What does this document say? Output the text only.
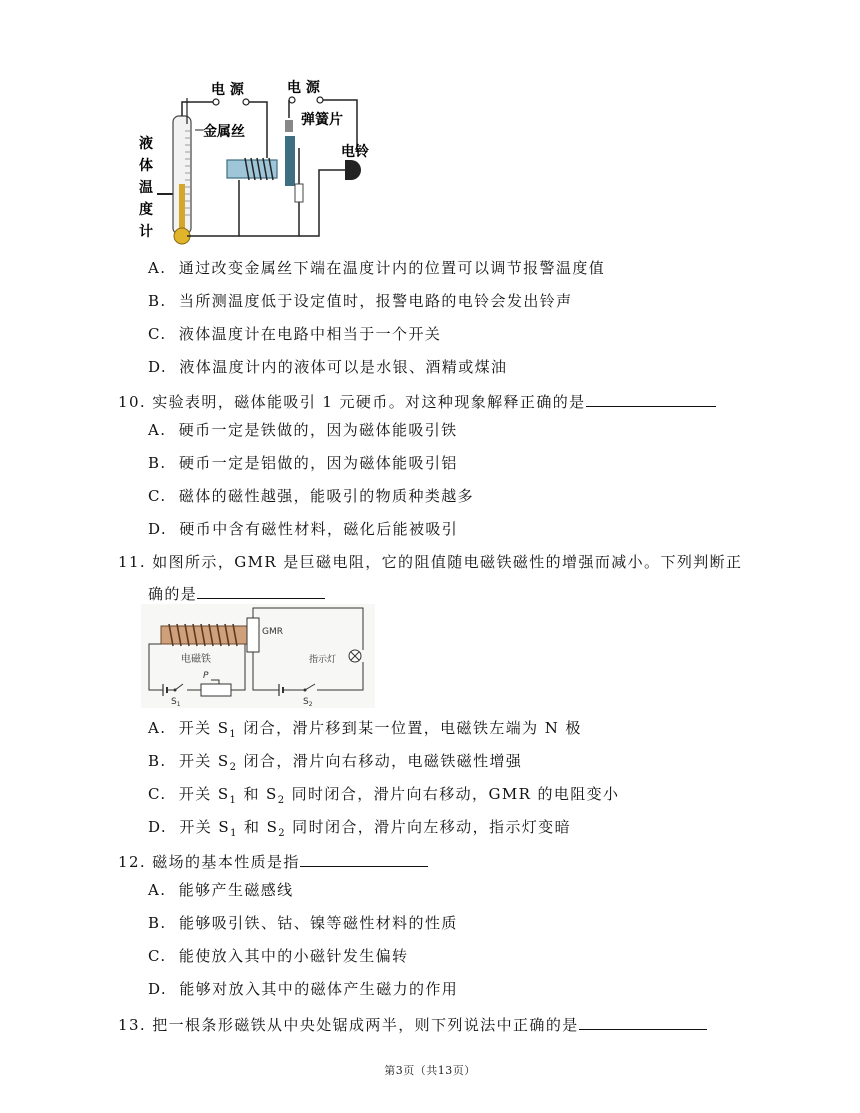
液
体
温
度
计
电 源
金属丝
电 源
弹簧片
电铃
A. 通过改变金属丝下端在温度计内的位置可以调节报警温度值
B. 当所测温度低于设定值时，报警电路的电铃会发出铃声
C. 液体温度计在电路中相当于一个开关
D. 液体温度计内的液体可以是水银、酒精或煤油
10. 实验表明，磁体能吸引 1 元硬币。对这种现象解释正确的是
A. 硬币一定是铁做的，因为磁体能吸引铁
B. 硬币一定是铝做的，因为磁体能吸引铝
C. 磁体的磁性越强，能吸引的物质种类越多
D. 硬币中含有磁性材料，磁化后能被吸引
11. 如图所示，GMR 是巨磁电阻，它的阻值随电磁铁磁性的增强而减小。下列判断正
确的是
电磁铁
$S_1$
P
GMR
指示灯
$S_2$
A. 开关 $S_1$ 闭合，滑片移到某一位置，电磁铁左端为 N 极
B. 开关 $S_2$ 闭合，滑片向右移动，电磁铁磁性增强
C. 开关 $S_1$ 和 $S_2$ 同时闭合，滑片向右移动，GMR 的电阻变小
D. 开关 $S_1$ 和 $S_2$ 同时闭合，滑片向左移动，指示灯变暗
12. 磁场的基本性质是指
A. 能够产生磁感线
B. 能够吸引铁、钴、镍等磁性材料的性质
C. 能使放入其中的小磁针发生偏转
D. 能够对放入其中的磁体产生磁力的作用
13. 把一根条形磁铁从中央处锯成两半，则下列说法中正确的是
第3页（共13页）
